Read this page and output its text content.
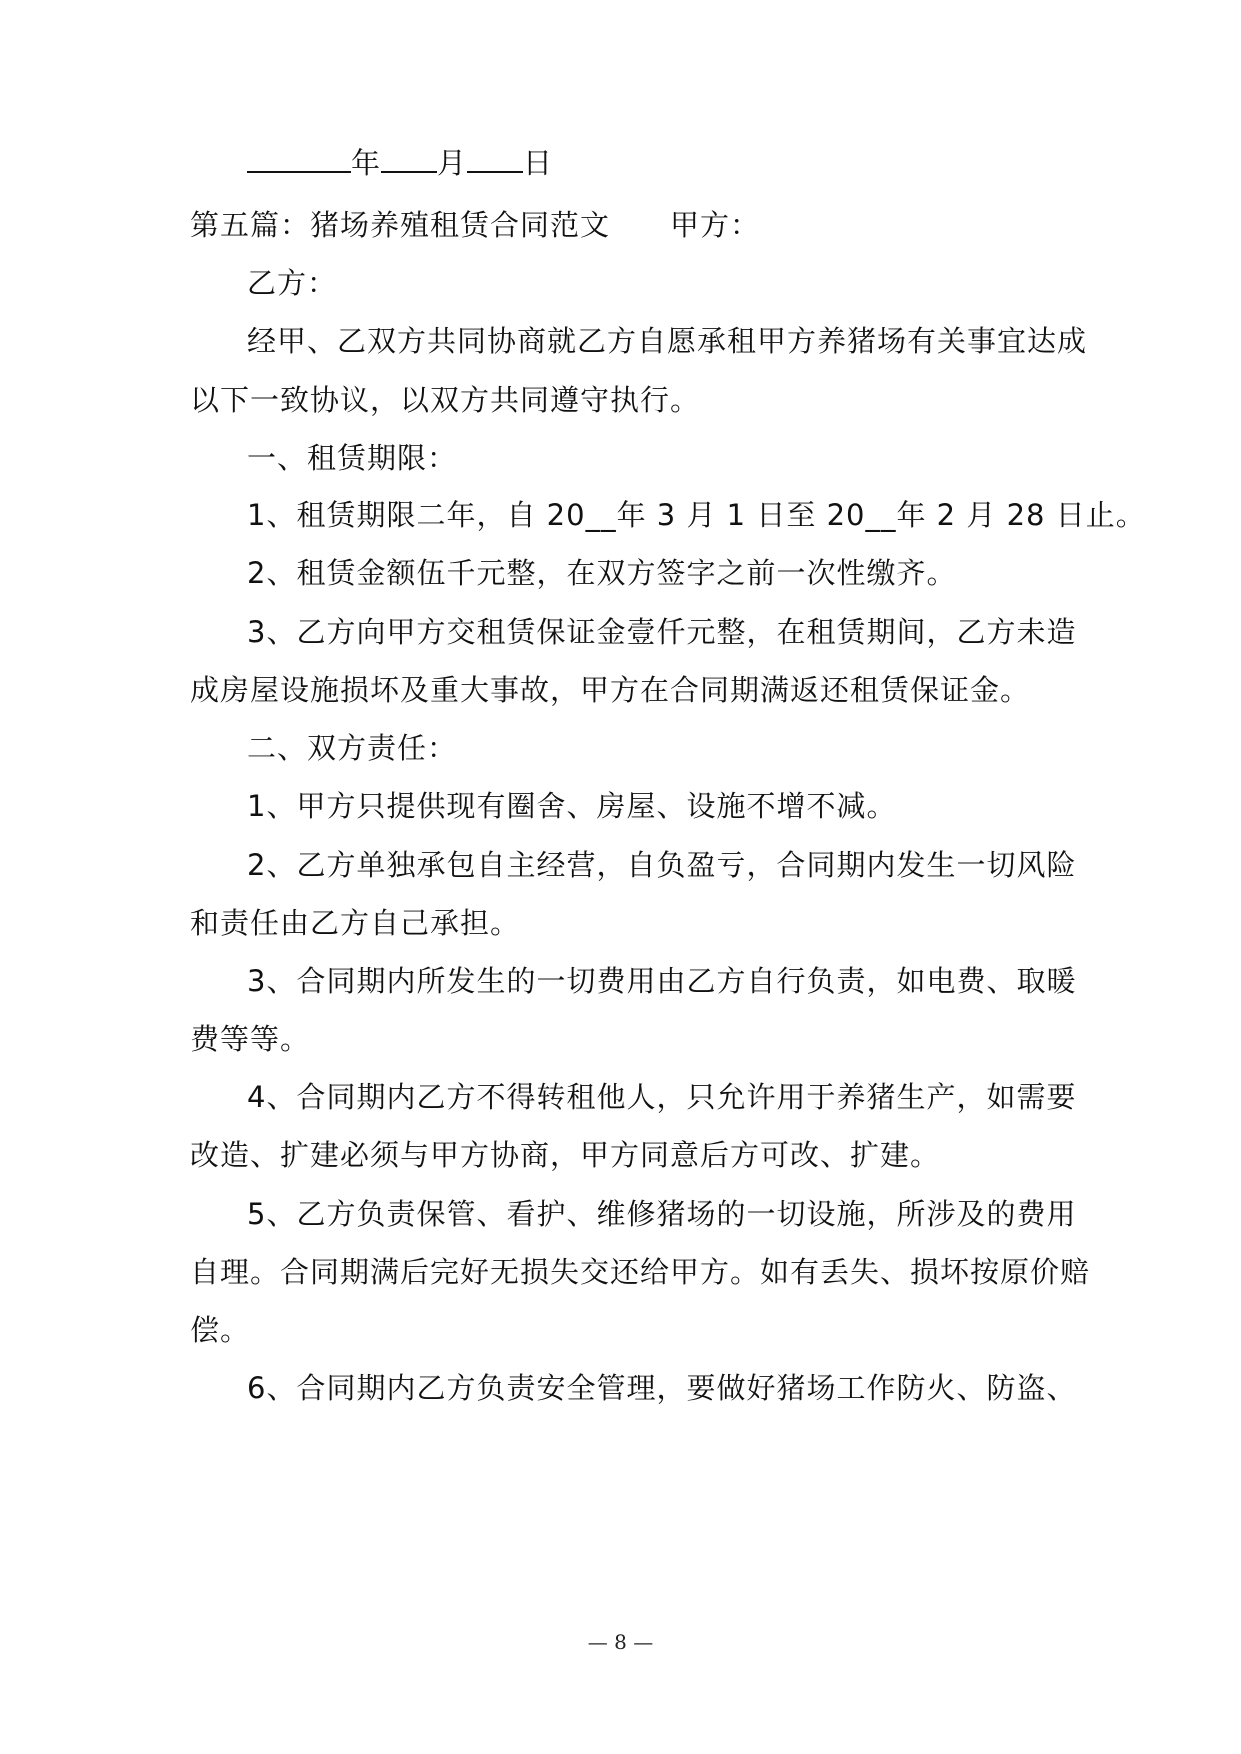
年 月 日
第五篇：猪场养殖租赁合同范文 甲方：
乙方：
经甲、乙双方共同协商就乙方自愿承租甲方养猪场有关事宜达成
以下一致协议，以双方共同遵守执行。
一、租赁期限：
1、租赁期限二年，自 20__年 3 月 1 日至 20__年 2 月 28 日止。
2、租赁金额伍千元整，在双方签字之前一次性缴齐。
3、乙方向甲方交租赁保证金壹仟元整，在租赁期间，乙方未造
成房屋设施损坏及重大事故，甲方在合同期满返还租赁保证金。
二、双方责任：
1、甲方只提供现有圈舍、房屋、设施不增不减。
2、乙方单独承包自主经营，自负盈亏，合同期内发生一切风险
和责任由乙方自己承担。
3、合同期内所发生的一切费用由乙方自行负责，如电费、取暖
费等等。
4、合同期内乙方不得转租他人，只允许用于养猪生产，如需要
改造、扩建必须与甲方协商，甲方同意后方可改、扩建。
5、乙方负责保管、看护、维修猪场的一切设施，所涉及的费用
自理。合同期满后完好无损失交还给甲方。如有丢失、损坏按原价赔
偿。
6、合同期内乙方负责安全管理，要做好猪场工作防火、防盗、
— 8 —
